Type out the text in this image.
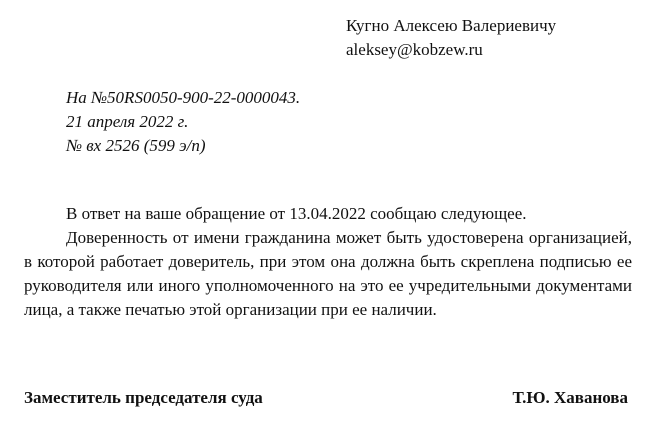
Кугно Алексею Валериевичу
aleksey@kobzew.ru
На №50RS0050-900-22-0000043.
21 апреля 2022 г.
№ вх 2526 (599 э/п)

В ответ на ваше обращение от 13.04.2022 сообщаю следующее.

Доверенность от имени гражданина может быть удостоверена организацией, в которой работает доверитель, при этом она должна быть скреплена подписью ее руководителя или иного уполномоченного на это ее учредительными документами лица, а также печатью этой организации при ее наличии.

Заместитель председателя суда	Т.Ю. Хаванова
